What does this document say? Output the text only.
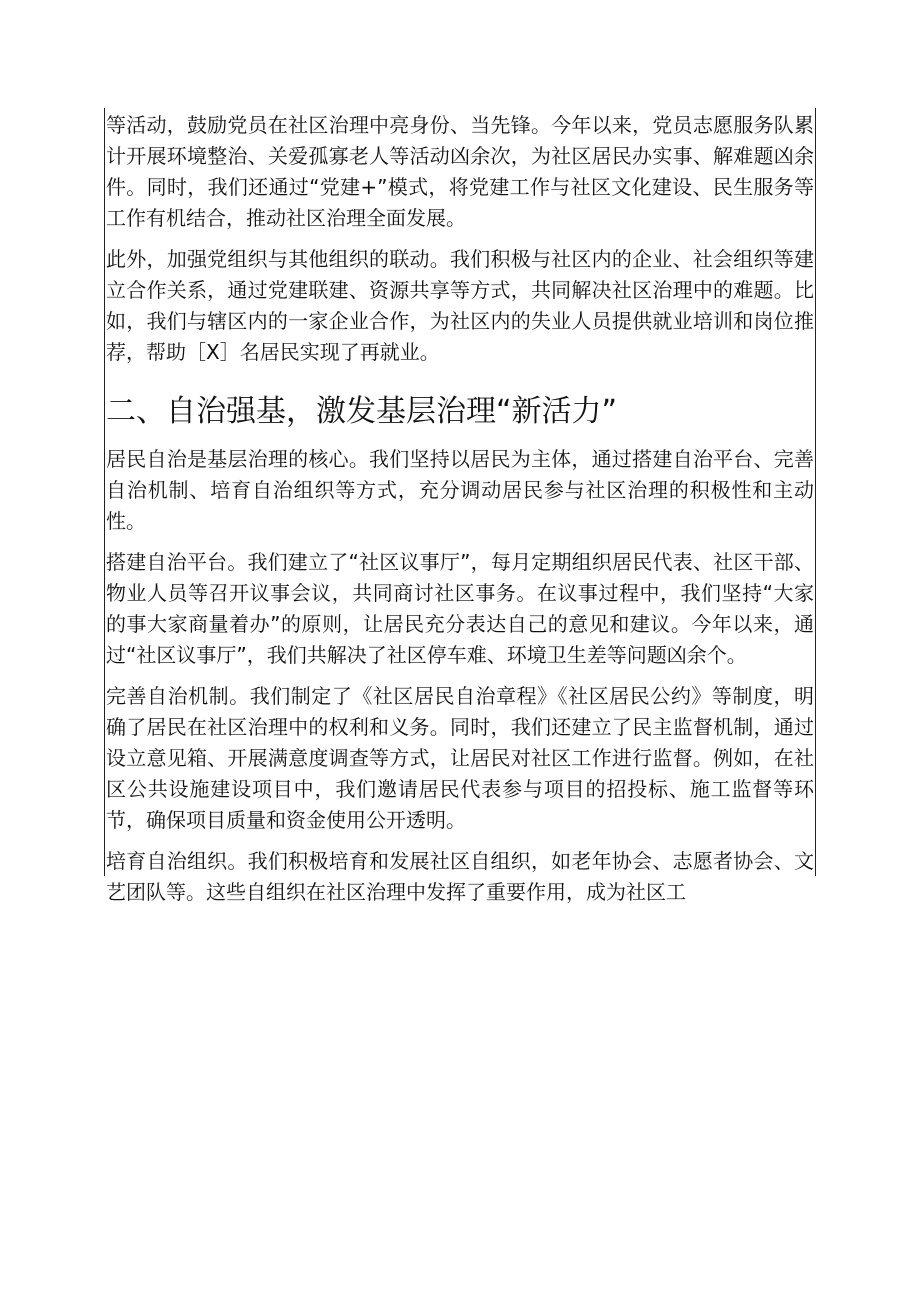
等活动，鼓励党员在社区治理中亮身份、当先锋。今年以来，党员志愿服务队累计开展环境整治、关爱孤寡老人等活动凶余次，为社区居民办实事、解难题凶余件。同时，我们还通过“党建+”模式，将党建工作与社区文化建设、民生服务等工作有机结合，推动社区治理全面发展。

此外，加强党组织与其他组织的联动。我们积极与社区内的企业、社会组织等建立合作关系，通过党建联建、资源共享等方式，共同解决社区治理中的难题。比如，我们与辖区内的一家企业合作，为社区内的失业人员提供就业培训和岗位推荐，帮助［X］名居民实现了再就业。

二、自治强基，激发基层治理“新活力”

居民自治是基层治理的核心。我们坚持以居民为主体，通过搭建自治平台、完善自治机制、培育自治组织等方式，充分调动居民参与社区治理的积极性和主动性。

搭建自治平台。我们建立了“社区议事厅”，每月定期组织居民代表、社区干部、物业人员等召开议事会议，共同商讨社区事务。在议事过程中，我们坚持“大家的事大家商量着办”的原则，让居民充分表达自己的意见和建议。今年以来，通过“社区议事厅”，我们共解决了社区停车难、环境卫生差等问题凶余个。

完善自治机制。我们制定了《社区居民自治章程》《社区居民公约》等制度，明确了居民在社区治理中的权利和义务。同时，我们还建立了民主监督机制，通过设立意见箱、开展满意度调查等方式，让居民对社区工作进行监督。例如，在社区公共设施建设项目中，我们邀请居民代表参与项目的招投标、施工监督等环节，确保项目质量和资金使用公开透明。

培育自治组织。我们积极培育和发展社区自组织，如老年协会、志愿者协会、文艺团队等。这些自组织在社区治理中发挥了重要作用，成为社区工
